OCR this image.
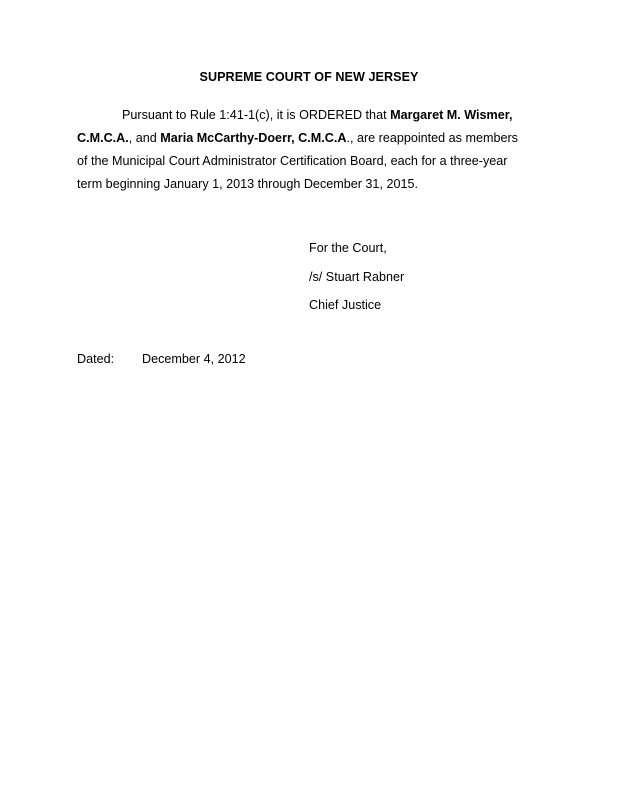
SUPREME COURT OF NEW JERSEY
Pursuant to Rule 1:41-1(c), it is ORDERED that Margaret M. Wismer,
C.M.C.A., and Maria McCarthy-Doerr, C.M.C.A., are reappointed as members
of the Municipal Court Administrator Certification Board, each for a three-year
term beginning January 1, 2013 through December 31, 2015.
For the Court,
/s/ Stuart Rabner
Chief Justice
Dated: December 4, 2012
